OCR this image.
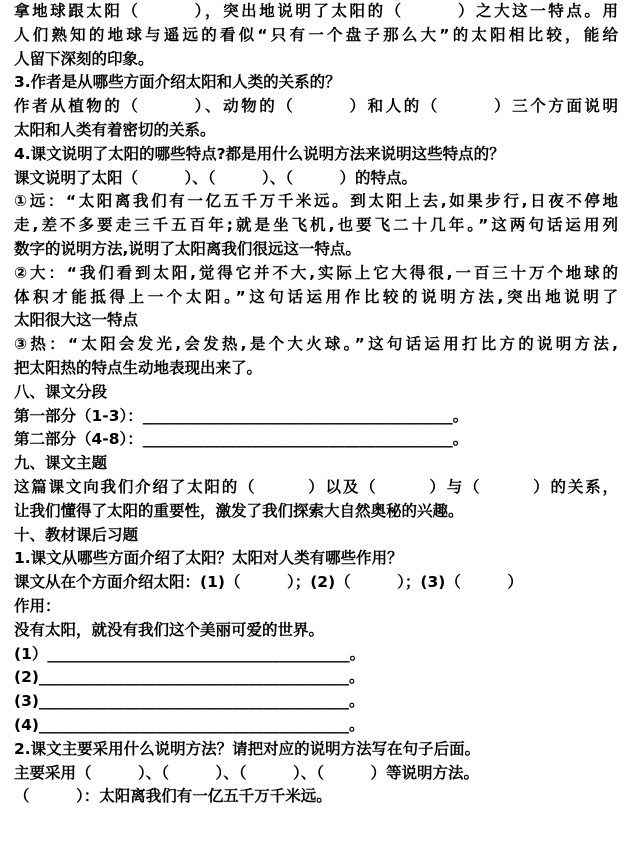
拿地球跟太阳（　　　），突出地说明了太阳的（　　　）之大这一特点。用
人们熟知的地球与遥远的看似“只有一个盘子那么大”的太阳相比较，能给
人留下深刻的印象。
3.作者是从哪些方面介绍太阳和人类的关系的？
作者从植物的（　　　）、动物的（　　　）和人的（　　　）三个方面说明
太阳和人类有着密切的关系。
4.课文说明了太阳的哪些特点?都是用什么说明方法来说明这些特点的？
课文说明了太阳（　　　）、（　　　）、（　　　）的特点。
①远：“太阳离我们有一亿五千万千米远。到太阳上去,如果步行,日夜不停地
走,差不多要走三千五百年;就是坐飞机,也要飞二十几年。”这两句话运用列
数字的说明方法,说明了太阳离我们很远这一特点。
②大：“我们看到太阳,觉得它并不大,实际上它大得很,一百三十万个地球的
体积才能抵得上一个太阳。”这句话运用作比较的说明方法,突出地说明了
太阳很大这一特点
③热：“太阳会发光,会发热,是个大火球。”这句话运用打比方的说明方法,
把太阳热的特点生动地表现出来了。
八、课文分段
第一部分（1-3）：________________________________________。
第二部分（4-8）：________________________________________。
九、课文主题
这篇课文向我们介绍了太阳的（　　　）以及（　　　）与（　　　）的关系，
让我们懂得了太阳的重要性，激发了我们探索大自然奥秘的兴趣。
十、教材课后习题
1.课文从哪些方面介绍了太阳？太阳对人类有哪些作用？
课文从在个方面介绍太阳：(1)（　　　）；(2)（　　　）；(3)（　　　）
作用：
没有太阳，就没有我们这个美丽可爱的世界。
(1）_______________________________________。
(2)________________________________________。
(3)________________________________________。
(4)________________________________________。
2.课文主要采用什么说明方法？请把对应的说明方法写在句子后面。
主要采用（　　　）、（　　　）、（　　　）、（　　　）等说明方法。
（　　　）：太阳离我们有一亿五千万千米远。
